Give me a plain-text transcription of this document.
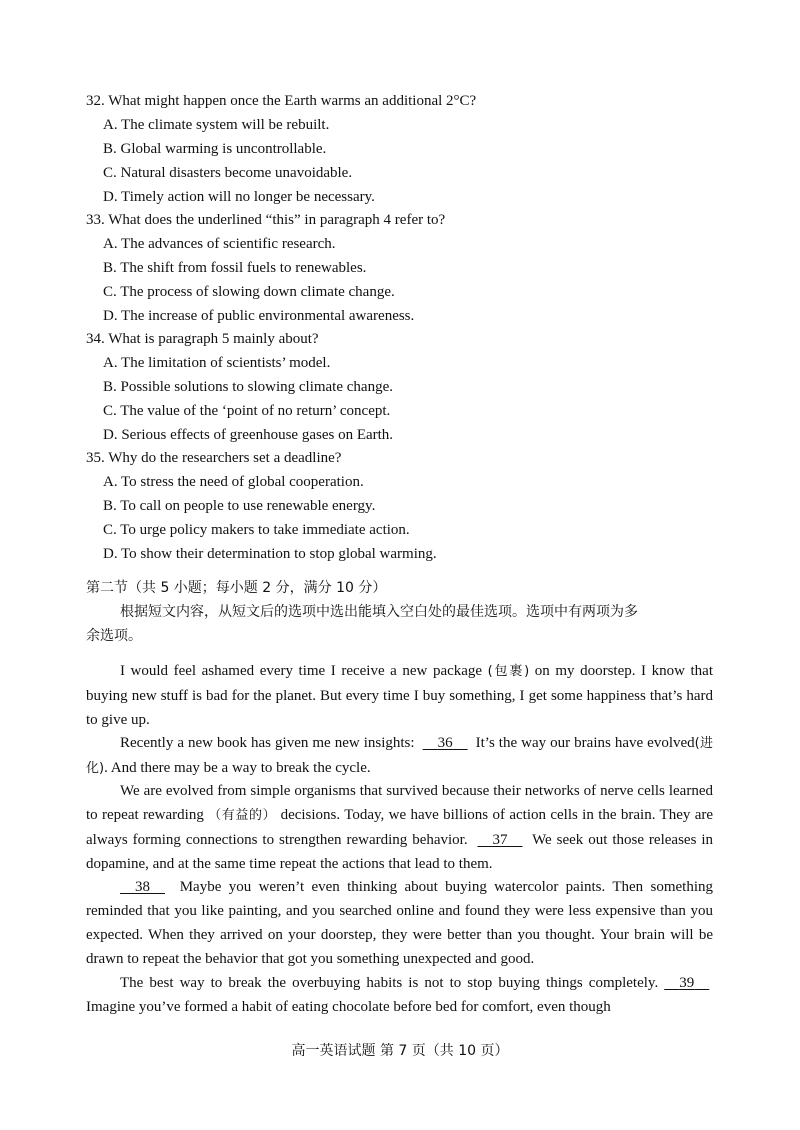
32. What might happen once the Earth warms an additional 2°C?
A. The climate system will be rebuilt.
B. Global warming is uncontrollable.
C. Natural disasters become unavoidable.
D. Timely action will no longer be necessary.
33. What does the underlined “this” in paragraph 4 refer to?
A. The advances of scientific research.
B. The shift from fossil fuels to renewables.
C. The process of slowing down climate change.
D. The increase of public environmental awareness.
34. What is paragraph 5 mainly about?
A. The limitation of scientists’ model.
B. Possible solutions to slowing climate change.
C. The value of the ‘point of no return’ concept.
D. Serious effects of greenhouse gases on Earth.
35. Why do the researchers set a deadline?
A. To stress the need of global cooperation.
B. To call on people to use renewable energy.
C. To urge policy makers to take immediate action.
D. To show their determination to stop global warming.
第二节（共 5 小题；每小题 2 分，满分 10 分）
根据短文内容，从短文后的选项中选出能填入空白处的最佳选项。选项中有两项为多
余选项。
I would feel ashamed every time I receive a new package (包裹) on my doorstep. I know that buying new stuff is bad for the planet. But every time I buy something, I get some happiness that’s hard to give up.
Recently a new book has given me new insights: 36 It’s the way our brains have evolved(进化). And there may be a way to break the cycle.
We are evolved from simple organisms that survived because their networks of nerve cells learned to repeat rewarding （有益的） decisions. Today, we have billions of action cells in the brain. They are always forming connections to strengthen rewarding behavior. 37 We seek out those releases in dopamine, and at the same time repeat the actions that lead to them.
38 Maybe you weren’t even thinking about buying watercolor paints. Then something reminded that you like painting, and you searched online and found they were less expensive than you expected. When they arrived on your doorstep, they were better than you thought. Your brain will be drawn to repeat the behavior that got you something unexpected and good.
The best way to break the overbuying habits is not to stop buying things completely. 39      Imagine you’ve formed a habit of eating chocolate before bed for comfort, even though
高一英语试题 第 7 页（共 10 页）
